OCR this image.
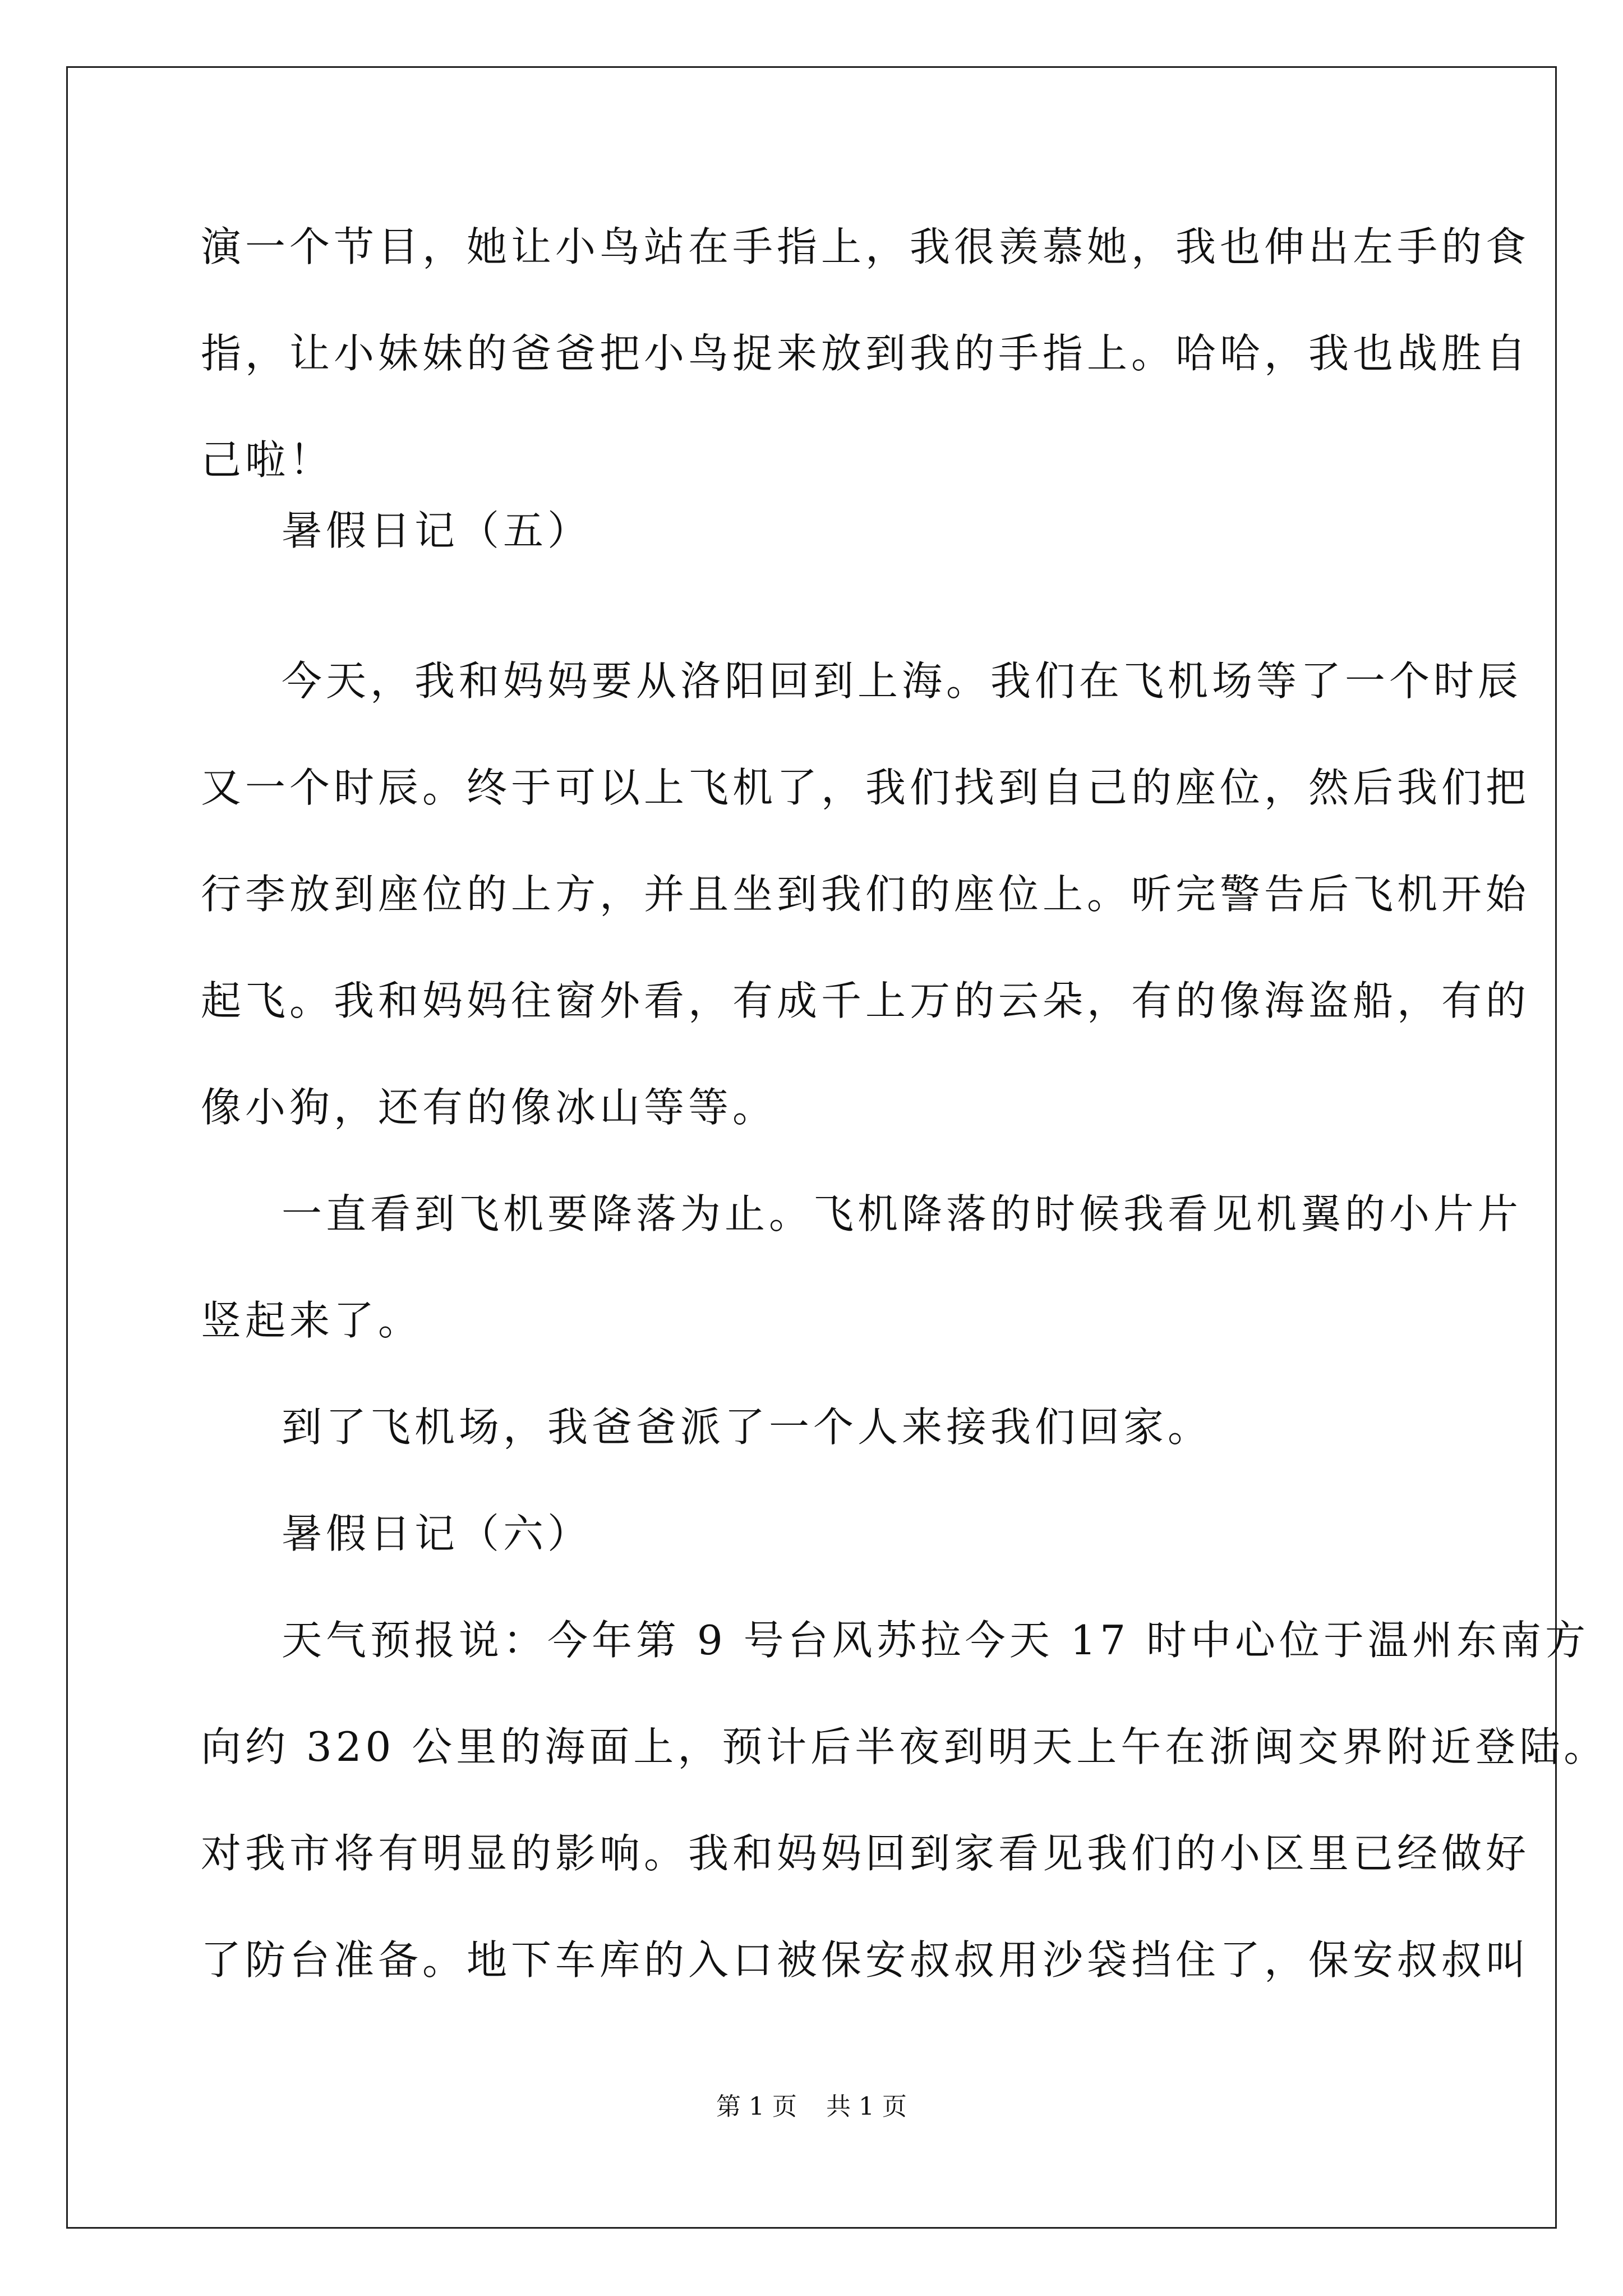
演一个节目，她让小鸟站在手指上，我很羡慕她，我也伸出左手的食

指，让小妹妹的爸爸把小鸟捉来放到我的手指上。哈哈，我也战胜自

己啦！

暑假日记（五）

今天，我和妈妈要从洛阳回到上海。我们在飞机场等了一个时辰

又一个时辰。终于可以上飞机了，我们找到自己的座位，然后我们把

行李放到座位的上方，并且坐到我们的座位上。听完警告后飞机开始

起飞。我和妈妈往窗外看，有成千上万的云朵，有的像海盗船，有的

像小狗，还有的像冰山等等。

一直看到飞机要降落为止。飞机降落的时候我看见机翼的小片片

竖起来了。

到了飞机场，我爸爸派了一个人来接我们回家。

暑假日记（六）

天气预报说：今年第 9 号台风苏拉今天 17 时中心位于温州东南方

向约 320 公里的海面上，预计后半夜到明天上午在浙闽交界附近登陆。

对我市将有明显的影响。我和妈妈回到家看见我们的小区里已经做好

了防台准备。地下车库的入口被保安叔叔用沙袋挡住了，保安叔叔叫

第 1 页 共 1 页
